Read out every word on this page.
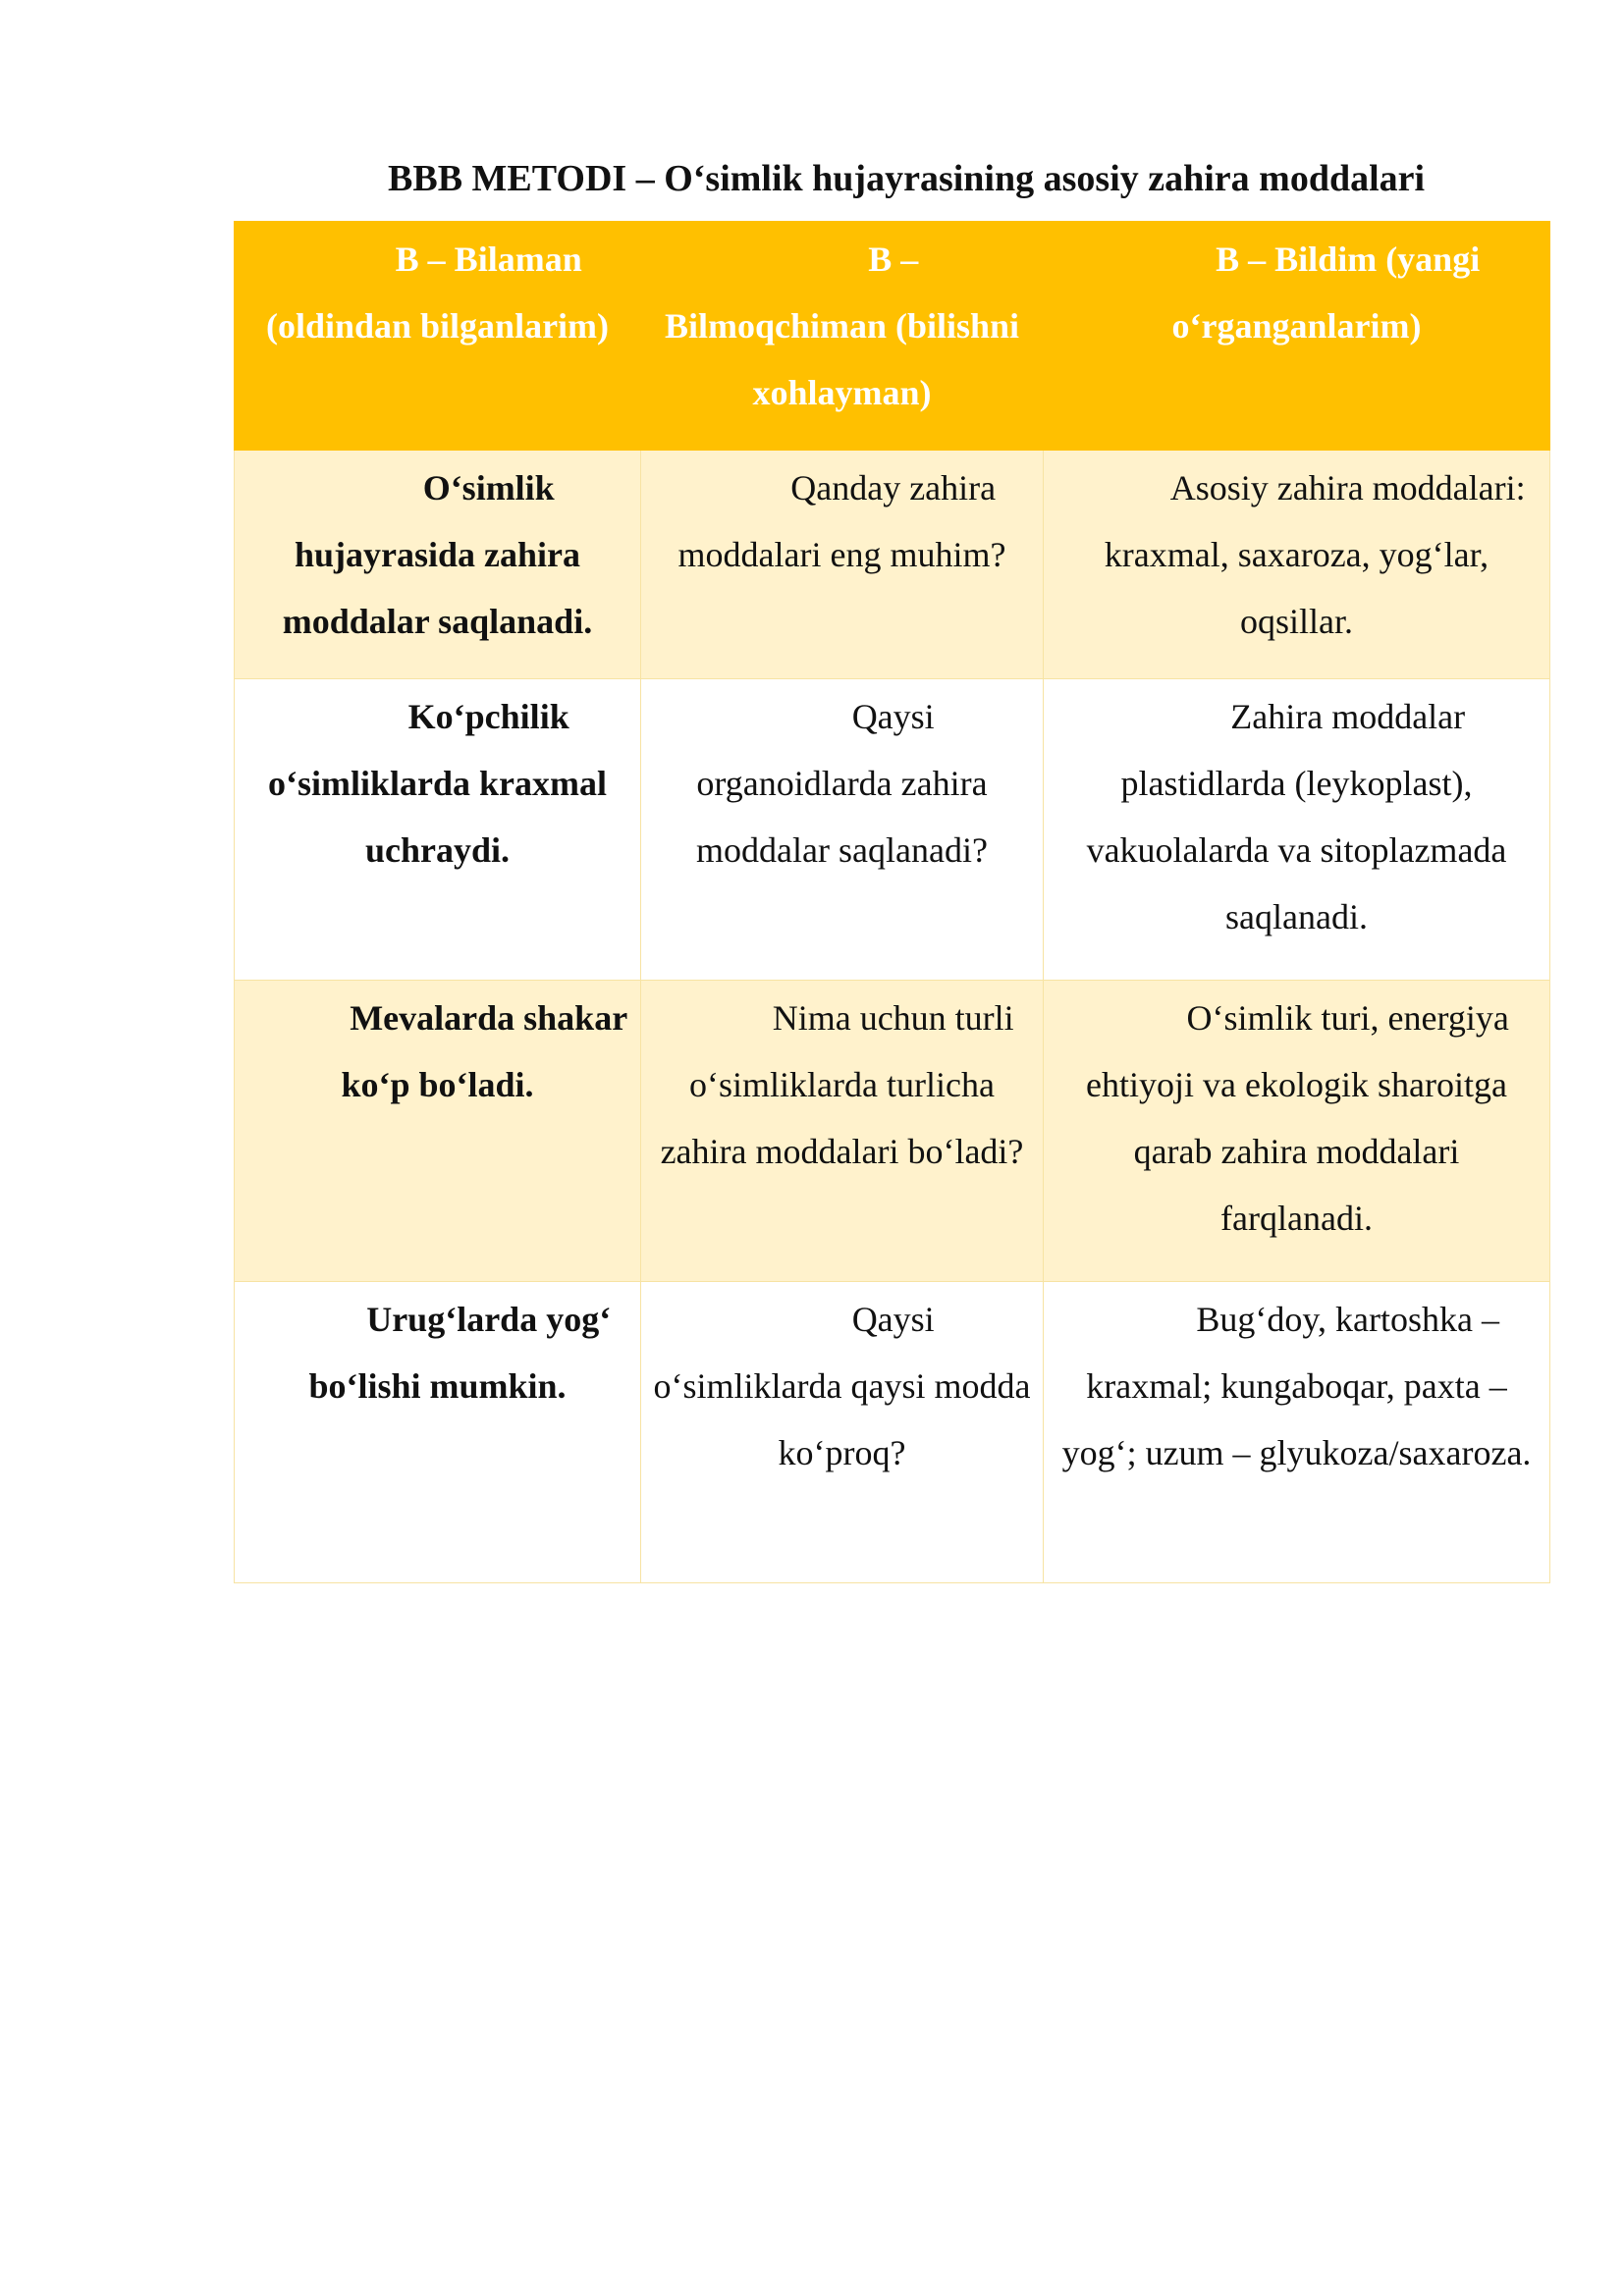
BBB METODI – O‘simlik hujayrasining asosiy zahira moddalari
B – Bilaman (oldindan bilganlarim)	B – Bilmoqchiman (bilishni xohlayman)	B – Bildim (yangi o‘rganganlarim)

O‘simlik hujayrasida zahira moddalar saqlanadi.	Qanday zahira moddalari eng muhim?	Asosiy zahira moddalari: kraxmal, saxaroza, yog‘lar, oqsillar.

Ko‘pchilik o‘simliklarda kraxmal uchraydi.	Qaysi organoidlarda zahira moddalar saqlanadi?	Zahira moddalar plastidlarda (leykoplast), vakuolalarda va sitoplazmada saqlanadi.

Mevalarda shakar ko‘p bo‘ladi.	Nima uchun turli o‘simliklarda turlicha zahira moddalari bo‘ladi?	O‘simlik turi, energiya ehtiyoji va ekologik sharoitga qarab zahira moddalari farqlanadi.

Urug‘larda yog‘ bo‘lishi mumkin.	Qaysi o‘simliklarda qaysi modda ko‘proq?	Bug‘doy, kartoshka – kraxmal; kungaboqar, paxta – yog‘; uzum – glyukoza/saxaroza.
